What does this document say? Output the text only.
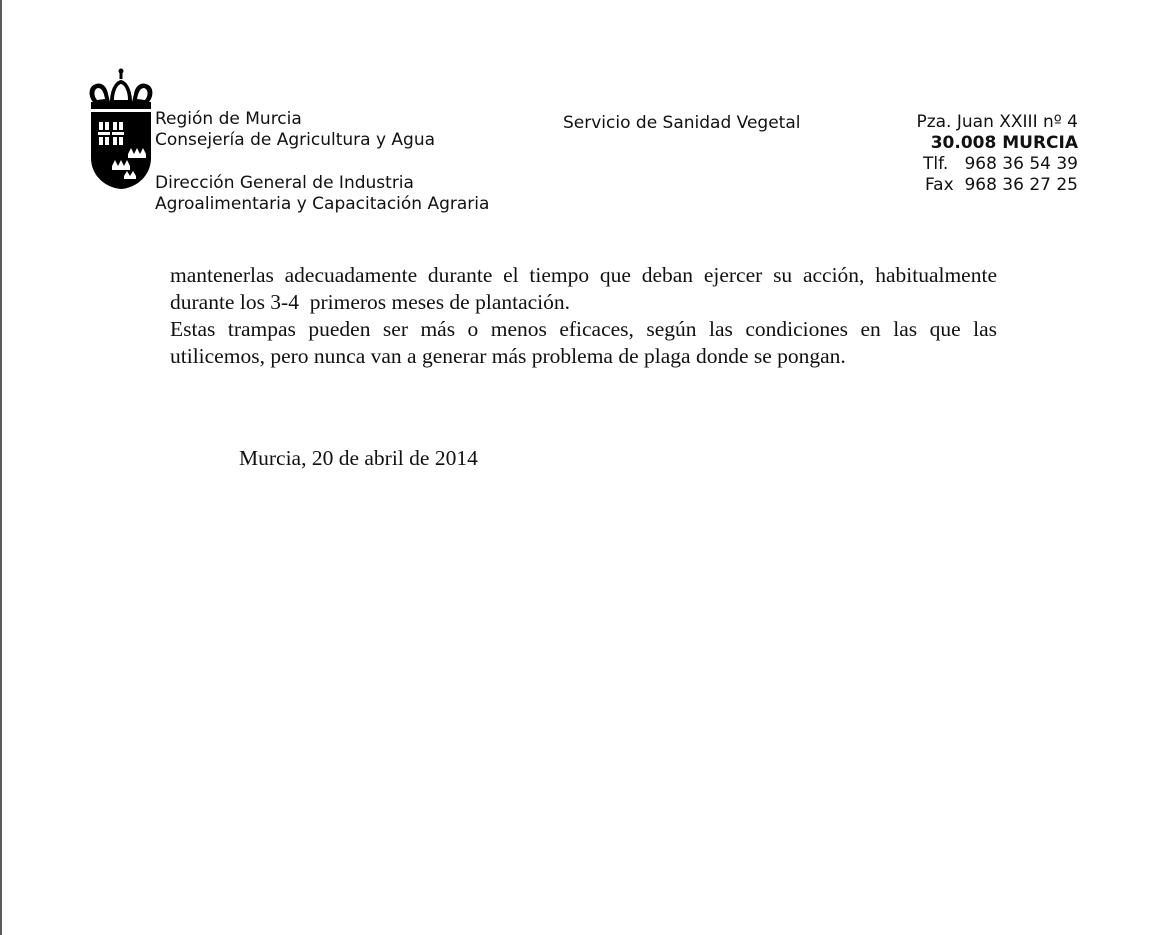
Región de Murcia
Consejería de Agricultura y Agua
Dirección General de Industria
Agroalimentaria y Capacitación Agraria
Servicio de Sanidad Vegetal	Pza. Juan XXIII nº 4
30.008 MURCIA
Tlf.   968 36 54 39
Fax  968 36 27 25

mantenerlas adecuadamente durante el tiempo que deban ejercer su acción, habitualmente durante los 3-4  primeros meses de plantación.

Estas trampas pueden ser más o menos eficaces, según las condiciones en las que las utilicemos, pero nunca van a generar más problema de plaga donde se pongan.

Murcia, 20 de abril de 2014
